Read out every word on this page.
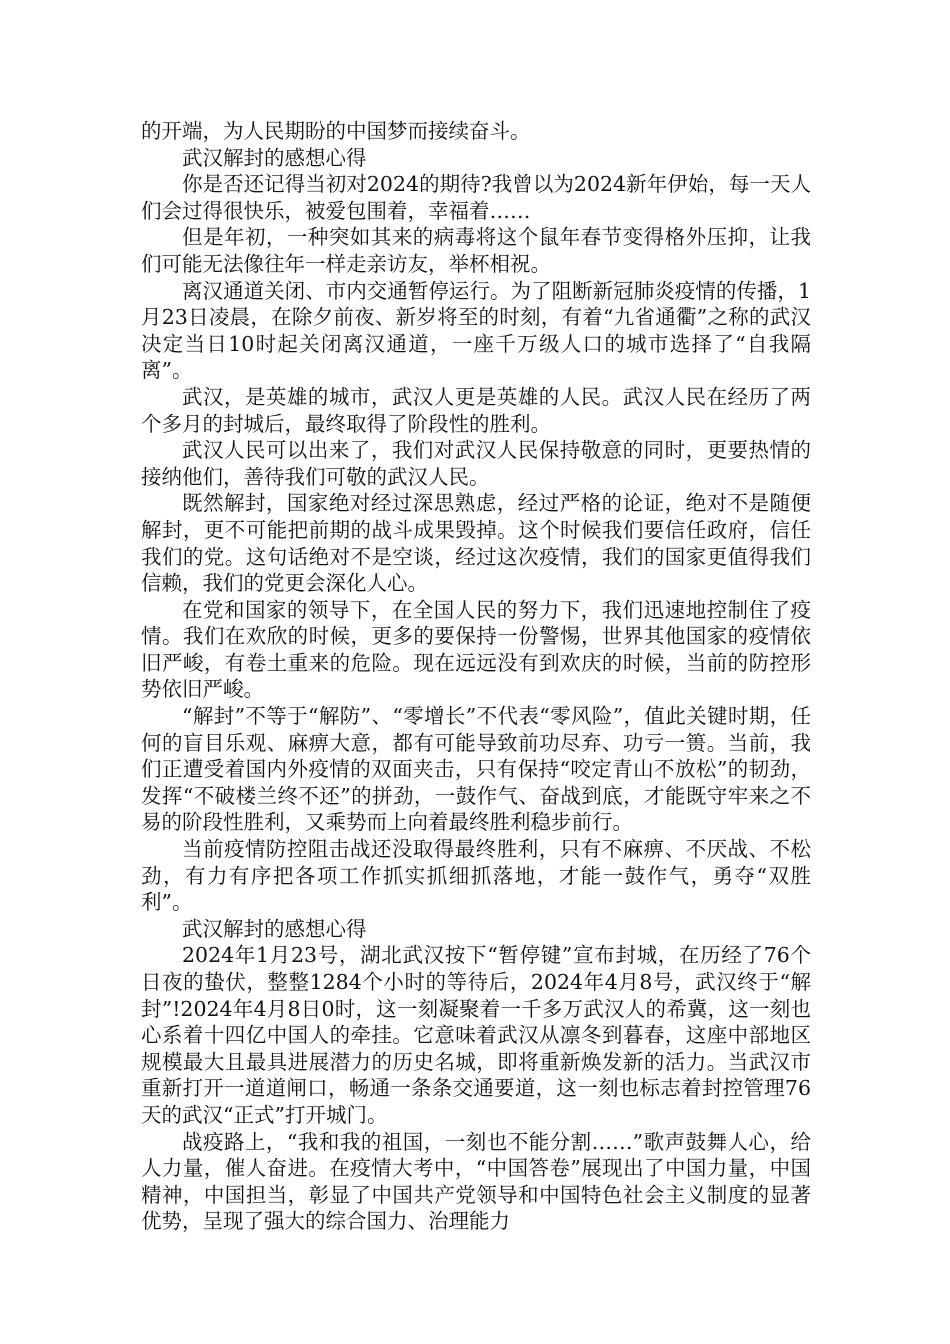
的开端，为人民期盼的中国梦而接续奋斗。

武汉解封的感想心得

你是否还记得当初对2024的期待?我曾以为2024新年伊始，每一天人们会过得很快乐，被爱包围着，幸福着……

但是年初，一种突如其来的病毒将这个鼠年春节变得格外压抑，让我们可能无法像往年一样走亲访友，举杯相祝。

离汉通道关闭、市内交通暂停运行。为了阻断新冠肺炎疫情的传播，1月23日凌晨，在除夕前夜、新岁将至的时刻，有着“九省通衢”之称的武汉决定当日10时起关闭离汉通道，一座千万级人口的城市选择了“自我隔离”。

武汉，是英雄的城市，武汉人更是英雄的人民。武汉人民在经历了两个多月的封城后，最终取得了阶段性的胜利。

武汉人民可以出来了，我们对武汉人民保持敬意的同时，更要热情的接纳他们，善待我们可敬的武汉人民。

既然解封，国家绝对经过深思熟虑，经过严格的论证，绝对不是随便解封，更不可能把前期的战斗成果毁掉。这个时候我们要信任政府，信任我们的党。这句话绝对不是空谈，经过这次疫情，我们的国家更值得我们信赖，我们的党更会深化人心。

在党和国家的领导下，在全国人民的努力下，我们迅速地控制住了疫情。我们在欢欣的时候，更多的要保持一份警惕，世界其他国家的疫情依旧严峻，有卷土重来的危险。现在远远没有到欢庆的时候，当前的防控形势依旧严峻。

“解封”不等于“解防”、“零增长”不代表“零风险”，值此关键时期，任何的盲目乐观、麻痹大意，都有可能导致前功尽弃、功亏一篑。当前，我们正遭受着国内外疫情的双面夹击，只有保持“咬定青山不放松”的韧劲，发挥“不破楼兰终不还”的拼劲，一鼓作气、奋战到底，才能既守牢来之不易的阶段性胜利，又乘势而上向着最终胜利稳步前行。

当前疫情防控阻击战还没取得最终胜利，只有不麻痹、不厌战、不松劲，有力有序把各项工作抓实抓细抓落地，才能一鼓作气，勇夺“双胜利”。

武汉解封的感想心得

2024年1月23号，湖北武汉按下“暂停键”宣布封城，在历经了76个日夜的蛰伏，整整1284个小时的等待后，2024年4月8号，武汉终于“解封”!2024年4月8日0时，这一刻凝聚着一千多万武汉人的希冀，这一刻也心系着十四亿中国人的牵挂。它意味着武汉从凛冬到暮春，这座中部地区规模最大且最具进展潜力的历史名城，即将重新焕发新的活力。当武汉市重新打开一道道闸口，畅通一条条交通要道，这一刻也标志着封控管理76天的武汉“正式”打开城门。

战疫路上，“我和我的祖国，一刻也不能分割……”歌声鼓舞人心，给人力量，催人奋进。在疫情大考中，“中国答卷”展现出了中国力量，中国精神，中国担当，彰显了中国共产党领导和中国特色社会主义制度的显著优势，呈现了强大的综合国力、治理能力
